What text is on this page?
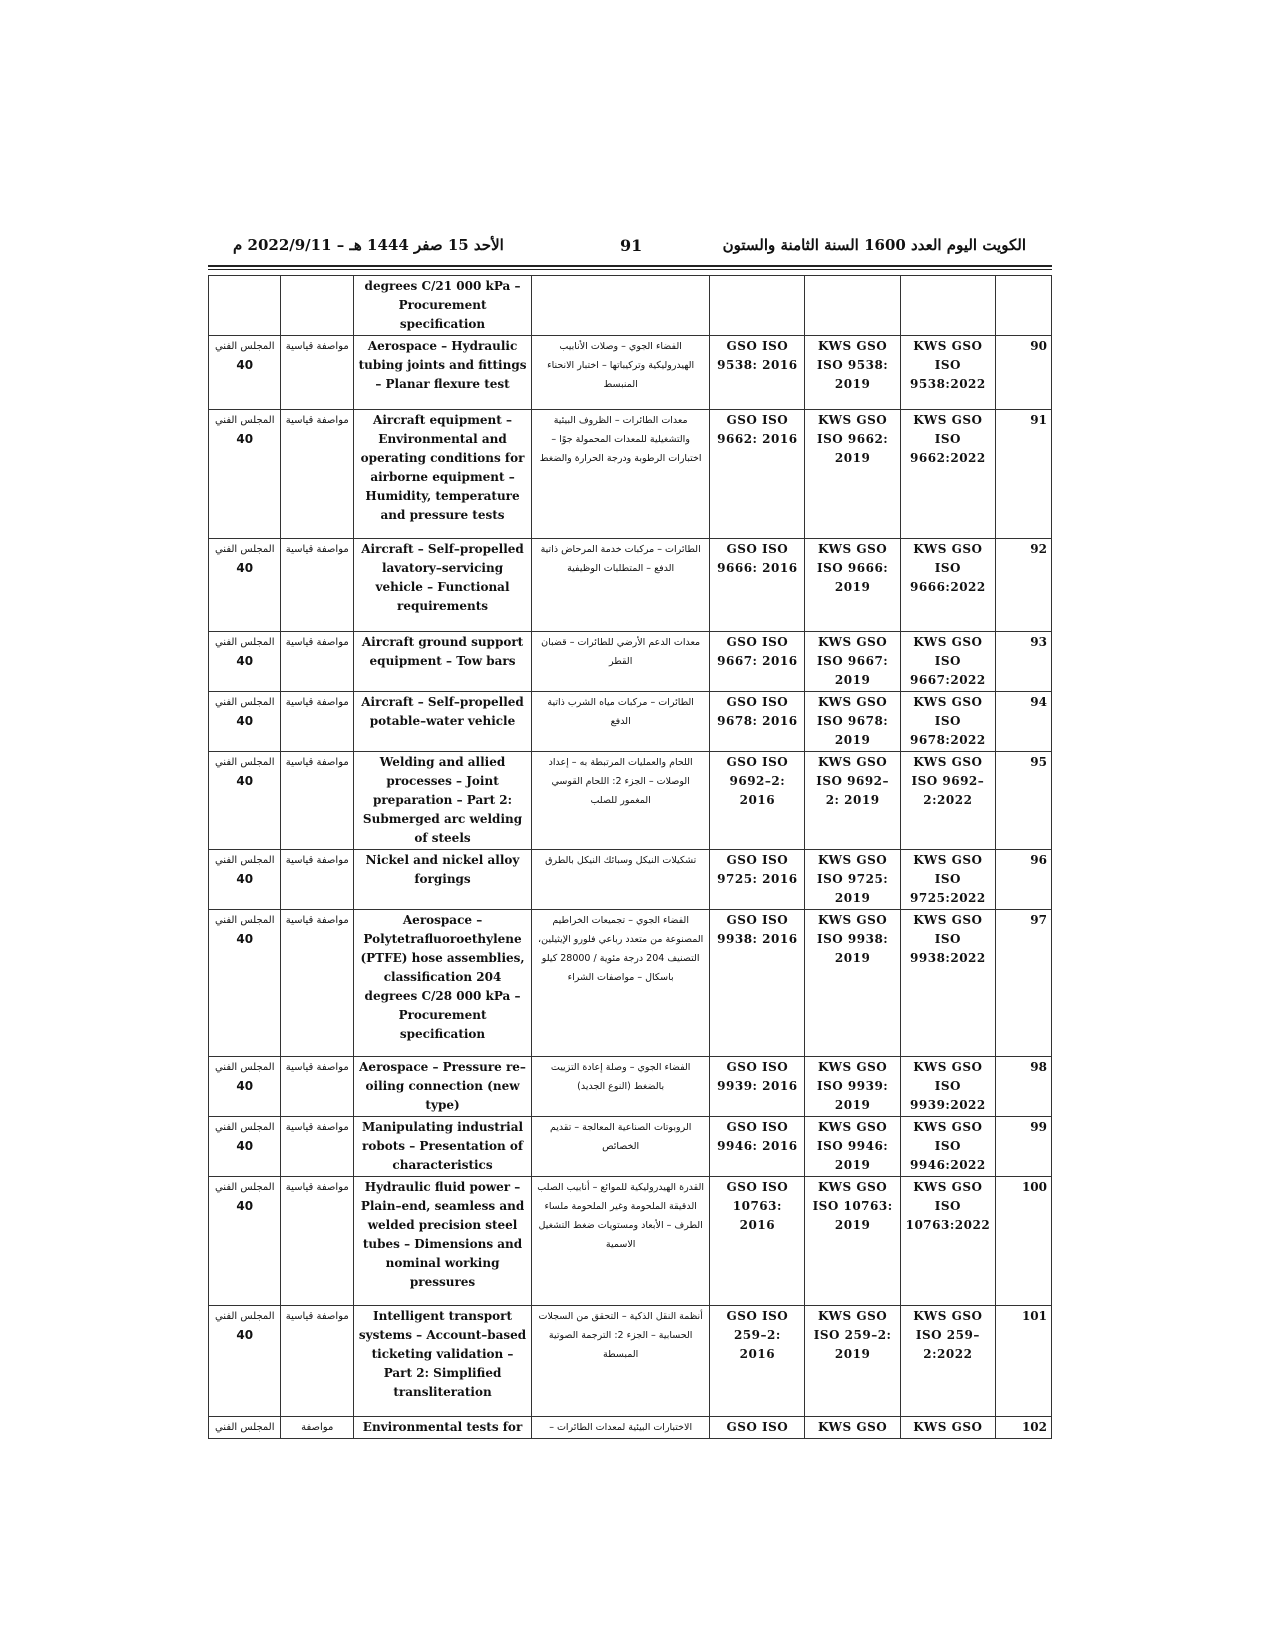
الأحد 15 صفر 1444 هـ – 2022/9/11 م	91	الكويت اليوم العدد 1600 السنة الثامنة والستون
		degrees C/21 000 kPa – Procurement specification					
المجلس الفني
40	مواصفة قياسية	Aerospace – Hydraulic tubing joints and fittings – Planar flexure test	الفضاء الجوي – وصلات الأنابيب الهيدروليكية وتركيباتها – اختبار الانحناء المنبسط	GSO ISO 9538: 2016	KWS GSO ISO 9538: 2019	KWS GSO ISO 9538:2022	90
المجلس الفني
40	مواصفة قياسية	Aircraft equipment – Environmental and operating conditions for airborne equipment – Humidity, temperature and pressure tests	معدات الطائرات – الظروف البيئية والتشغيلية للمعدات المحمولة جوًا – اختبارات الرطوبة ودرجة الحرارة والضغط	GSO ISO 9662: 2016	KWS GSO ISO 9662: 2019	KWS GSO ISO 9662:2022	91
المجلس الفني
40	مواصفة قياسية	Aircraft – Self–propelled lavatory–servicing vehicle – Functional requirements	الطائرات – مركبات خدمة المرحاض ذاتية الدفع – المتطلبات الوظيفية	GSO ISO 9666: 2016	KWS GSO ISO 9666: 2019	KWS GSO ISO 9666:2022	92
المجلس الفني
40	مواصفة قياسية	Aircraft ground support equipment – Tow bars	معدات الدعم الأرضي للطائرات – قضبان القطر	GSO ISO 9667: 2016	KWS GSO ISO 9667: 2019	KWS GSO ISO 9667:2022	93
المجلس الفني
40	مواصفة قياسية	Aircraft – Self–propelled potable–water vehicle	الطائرات – مركبات مياه الشرب ذاتية الدفع	GSO ISO 9678: 2016	KWS GSO ISO 9678: 2019	KWS GSO ISO 9678:2022	94
المجلس الفني
40	مواصفة قياسية	Welding and allied processes – Joint preparation – Part 2: Submerged arc welding of steels	اللحام والعمليات المرتبطة به – إعداد الوصلات – الجزء 2: اللحام القوسي المغمور للصلب	GSO ISO 9692–2: 2016	KWS GSO ISO 9692–2: 2019	KWS GSO ISO 9692–2:2022	95
المجلس الفني
40	مواصفة قياسية	Nickel and nickel alloy forgings	تشكيلات النيكل وسبائك النيكل بالطرق	GSO ISO 9725: 2016	KWS GSO ISO 9725: 2019	KWS GSO ISO 9725:2022	96
المجلس الفني
40	مواصفة قياسية	Aerospace – Polytetrafluoroethylene (PTFE) hose assemblies, classification 204 degrees C/28 000 kPa – Procurement specification	الفضاء الجوي – تجميعات الخراطيم المصنوعة من متعدد رباعي فلورو الإيثيلين، التصنيف 204 درجة مئوية / 28000 كيلو باسكال – مواصفات الشراء	GSO ISO 9938: 2016	KWS GSO ISO 9938: 2019	KWS GSO ISO 9938:2022	97
المجلس الفني
40	مواصفة قياسية	Aerospace – Pressure re–oiling connection (new type)	الفضاء الجوي – وصلة إعادة التزييت بالضغط (النوع الجديد)	GSO ISO 9939: 2016	KWS GSO ISO 9939: 2019	KWS GSO ISO 9939:2022	98
المجلس الفني
40	مواصفة قياسية	Manipulating industrial robots – Presentation of characteristics	الروبوتات الصناعية المعالجة – تقديم الخصائص	GSO ISO 9946: 2016	KWS GSO ISO 9946: 2019	KWS GSO ISO 9946:2022	99
المجلس الفني
40	مواصفة قياسية	Hydraulic fluid power – Plain–end, seamless and welded precision steel tubes – Dimensions and nominal working pressures	القدرة الهيدروليكية للموائع – أنابيب الصلب الدقيقة الملحومة وغير الملحومة ملساء الطرف – الأبعاد ومستويات ضغط التشغيل الاسمية	GSO ISO 10763: 2016	KWS GSO ISO 10763: 2019	KWS GSO ISO 10763:2022	100
المجلس الفني
40	مواصفة قياسية	Intelligent transport systems – Account–based ticketing validation – Part 2: Simplified transliteration	أنظمة النقل الذكية – التحقق من السجلات الحسابية – الجزء 2: الترجمة الصوتية المبسطة	GSO ISO 259–2: 2016	KWS GSO ISO 259–2: 2019	KWS GSO ISO 259–2:2022	101
المجلس الفني	مواصفة	Environmental tests for	الاختبارات البيئية لمعدات الطائرات –	GSO ISO	KWS GSO	KWS GSO	102
